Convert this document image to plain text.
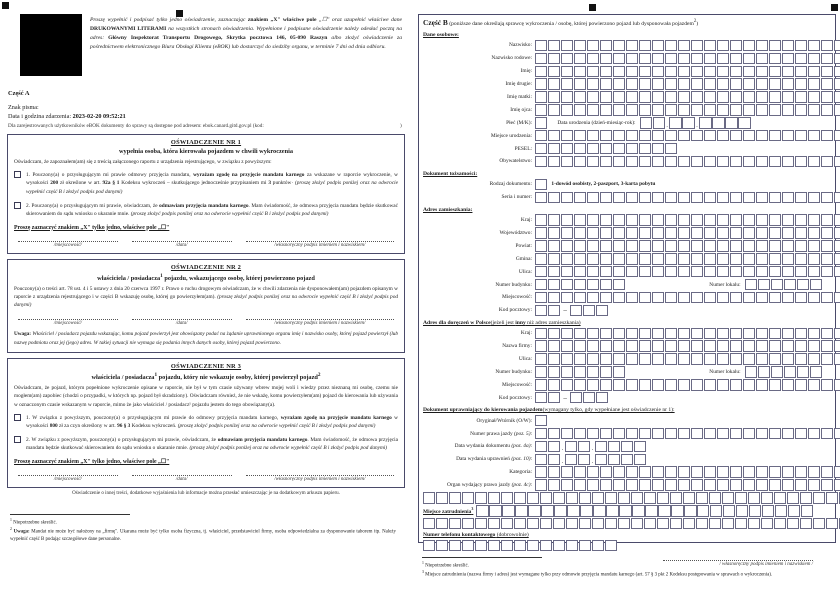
Proszę wypełnić i podpisać tylko jedno oświadczenie, zaznaczając znakiem „X" właściwe pole „☐" oraz uzupełnić właściwe dane DRUKOWANYMI LITERAMI na wszystkich stronach oświadczenia. Wypełnione i podpisane oświadczenie należy odesłać pocztą na adres: Główny Inspektorat Transportu Drogowego, Skrytka pocztowa 146, 05-090 Raszyn albo złożyć oświadczenie za pośrednictwem elektronicznego Biura Obsługi Klienta (eBOK) lub dostarczyć do siedziby organu, w terminie 7 dni od dnia odbioru.
Część A
Znak pisma:
Data i godzina zdarzenia: 2023-02-20 09:52:21
Dla zarejestrowanych użytkowników eBOK dokumenty do sprawy są dostępne pod adresem: ebok.canard.gitd.gov.pl (kod:	)
OŚWIADCZENIE NR 1
wypełnia osoba, która kierowała pojazdem w chwili wykroczenia
Oświadczam, że zapoznałem(am) się z treścią załączonego raportu z urządzenia rejestrującego, w związku z powyższym:
1. Pouczony(a) o przysługującym mi prawie odmowy przyjęcia mandatu, wyrażam zgodę na przyjęcie mandatu karnego za wskazane w raporcie wykroczenie, w wysokości 200 zł określone w art. 92a § 1 Kodeksu wykroczeń – skutkującego jednocześnie przypisaniem mi 3 punktów· (proszę złożyć podpis poniżej oraz na odwrocie wypełnić część B i złożyć podpis pod danymi)
2. Pouczony(a) o przysługującym mi prawie, oświadczam, że odmawiam przyjęcia mandatu karnego. Mam świadomość, że odmowa przyjęcia mandatu będzie skutkować skierowaniem do sądu wniosku o ukaranie mnie. (proszę złożyć podpis poniżej oraz na odwrocie wypełnić część B i złożyć podpis pod danymi)
Proszę zaznaczyć znakiem „X" tylko jedno, właściwe pole „☐"
/miejscowość/	/data/	/własnoręczny podpis imieniem i nazwiskiem/
OŚWIADCZENIE NR 2
właściciela / posiadacza$^1$ pojazdu, wskazującego osobę, której powierzono pojazd
Pouczony(a) o treści art. 78 ust. 4 i 5 ustawy z dnia 20 czerwca 1997 r. Prawo o ruchu drogowym oświadczam, że w chwili zdarzenia nie dysponowałem(am) pojazdem opisanym w raporcie z urządzenia rejestrującego i w części B wskazuję osobę, której go powierzyłem(am). (proszę złożyć podpis poniżej oraz na odwrocie wypełnić część B i złożyć podpis pod danymi)
/miejscowość/	/data/	/własnoręczny podpis imieniem i nazwiskiem/
Uwaga: Właściciel / posiadacz pojazdu wskazując, komu pojazd powierzył jest obowiązany podać na żądanie uprawnionego organu imię i nazwisko osoby, której pojazd powierzył (lub nazwę podmiotu oraz jej (jego) adres. W takiej sytuacji nie wymaga się podania innych danych osoby, której pojazd powierzono.
OŚWIADCZENIE NR 3
właściciela / posiadacza$^1$ pojazdu, który nie wskazuje osoby, której powierzył pojazd$^2$
Oświadczam, że pojazd, którym popełnione wykroczenie opisane w raporcie, nie był w tym czasie używany wbrew mojej woli i wiedzy przez nieznaną mi osobę, czemu nie mogłem(am) zapobiec (chodzi o przypadki, w których np. pojazd był skradziony). Oświadczam również, że nie wskażę, komu powierzyłem(am) pojazd do kierowania lub używania w oznaczonym czasie wskazanym w raporcie, mimo że jako właściciel / posiadacz¹ pojazdu jestem do tego obowiązany(a).
1. W związku z powyższym, pouczony(a) o przysługującym mi prawie do odmowy przyjęcia mandatu karnego, wyrażam zgodę na przyjęcie mandatu karnego w wysokości 800 zł za czyn określony w art. 96 § 3 Kodeksu wykroczeń. (proszę złożyć podpis poniżej oraz na odwrocie wypełnić część B i złożyć podpis pod danymi)
2. W związku z powyższym, pouczony(a) o przysługującym mi prawie, oświadczam, że odmawiam przyjęcia mandatu karnego. Mam świadomość, że odmowa przyjęcia mandatu będzie skutkować skierowaniem do sądu wniosku o ukaranie mnie. (proszę złożyć podpis poniżej oraz na odwrocie wypełnić część B i złożyć podpis pod danymi)
Proszę zaznaczyć znakiem „X" tylko jedno, właściwe pole „☐"
/miejscowość/	/data/	/własnoręczny podpis imieniem i nazwiskiem/
Oświadczenie o innej treści, dodatkowe wyjaśnienia lub informacje można przesłać umieszczając je na dodatkowym arkuszu papieru.
$^1$ Niepotrzebne skreślić.
$^2$ Uwaga: Mandat nie może być nałożony na „firmę". Ukarana może być tylko osoba fizyczna, tj. właściciel, przedstawiciel firmy, osoba odpowiedzialna za dysponowanie taborem itp. Należy wypełnić część B podając szczegółowe dane personalne.
Część B (poniższe dane określają sprawcę wykroczenia / osobę, której powierzono pojazd lub dysponowała pojazdem$^2$)
Dane osobowe:
Nazwisko:
Nazwisko rodowe:
Imię:
Imię drugie:
Imię matki:
Imię ojca:
Płeć (M/K):	Data urodzenia (dzień-miesiąc-rok):	.	.
Miejsce urodzenia:
PESEL:
Obywatelstwo:
Dokument tożsamości:
Rodzaj dokumentu:	1-dowód osobisty, 2-paszport, 3-karta pobytu
Seria i numer:
Adres zamieszkania:
Kraj:
Województwo:
Powiat:
Gmina:
Ulica:
Numer budynku:	Numer lokalu:
Miejscowość:
Kod pocztowy:	–
Adres dla doręczeń w Polsce(jeżeli jest inny niż adres zamieszkania)
Kraj:
Nazwa firmy:
Ulica:
Numer budynku:	Numer lokalu:
Miejscowość:
Kod pocztowy:	–
Dokument uprawniający do kierowania pojazdem(wymagany tylko, gdy wypełniane jest oświadczenie nr 1):
Oryginał/Wtórnik (O/W):
Numer prawa jazdy (poz. 5):
Data wydania dokumentu (poz. 4a):	.	.
Data wydania uprawnień (poz. 10):	.	.
Kategoria:
Organ wydający prawo jazdy (poz. 4c):
Miejsce zatrudnienia$^3$
Numer telefonu kontaktowego (dobrowolnie)
/ własnoręczny podpis imieniem i nazwiskiem /
$^1$ Niepotrzebne skreślić.
$^3$ Miejsce zatrudnienia (nazwa firmy i adres) jest wymagane tylko przy odmowie przyjęcia mandatu karnego (art. 57 § 3 pkt 2 Kodeksu postępowania w sprawach o wykroczenia).
